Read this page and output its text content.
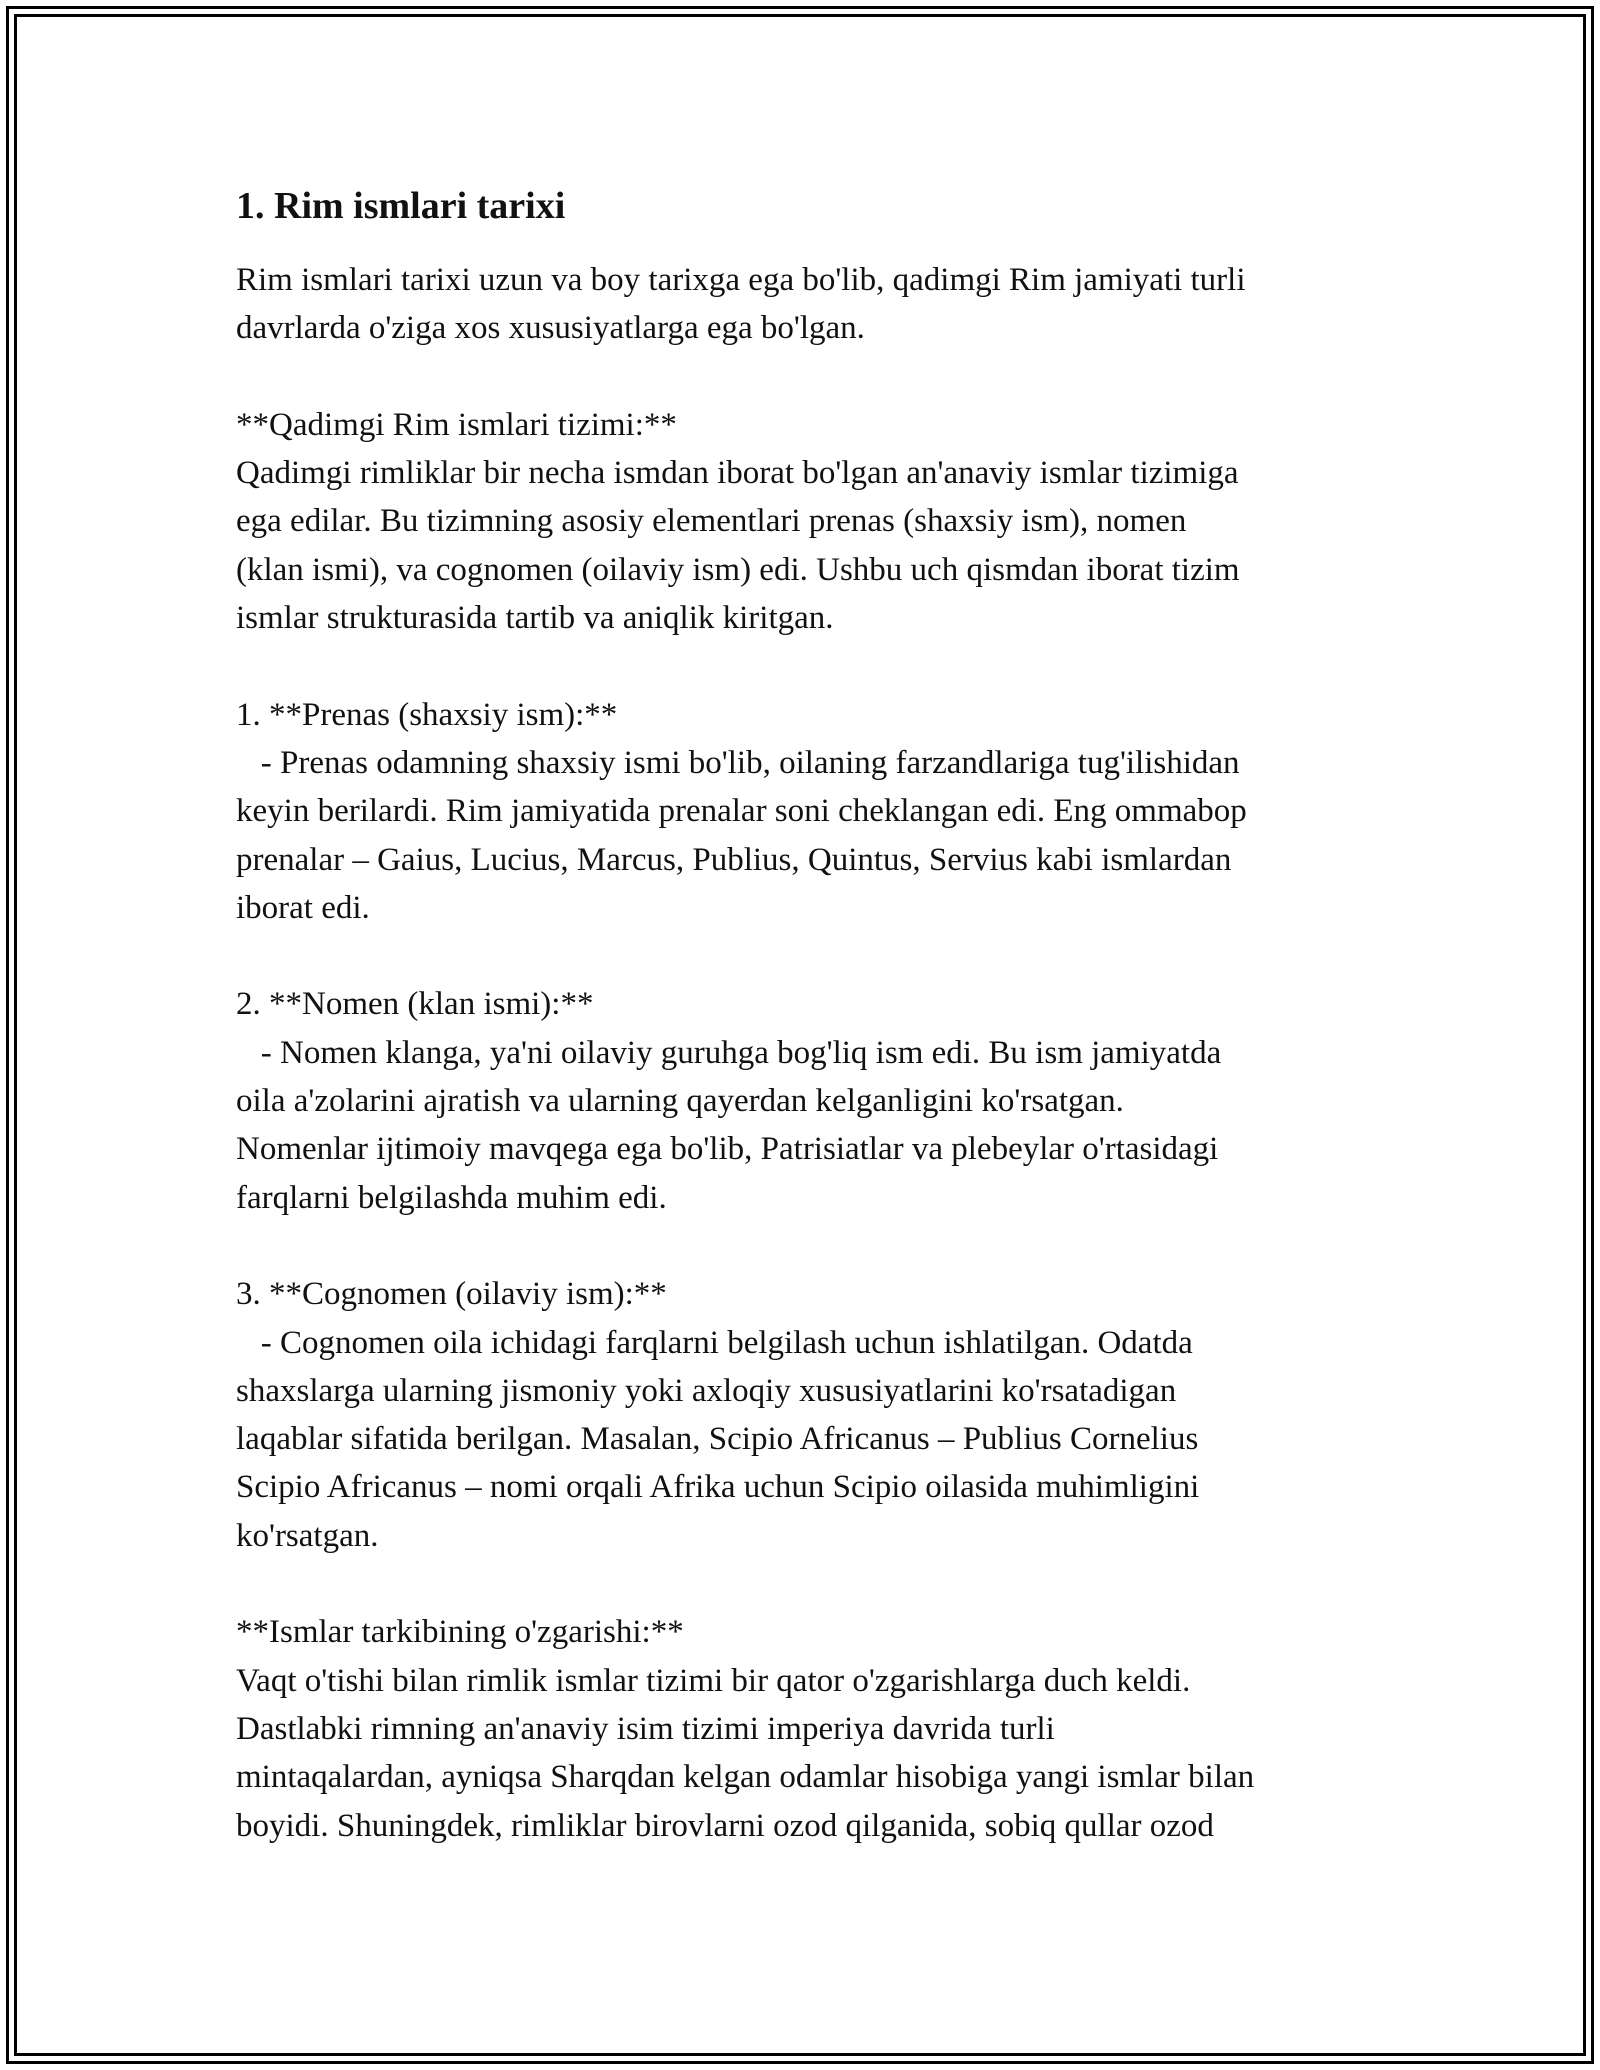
1. Rim ismlari tarixi
Rim ismlari tarixi uzun va boy tarixga ega bo'lib, qadimgi Rim jamiyati turli
davrlarda o'ziga xos xususiyatlarga ega bo'lgan.
**Qadimgi Rim ismlari tizimi:**
Qadimgi rimliklar bir necha ismdan iborat bo'lgan an'anaviy ismlar tizimiga
ega edilar. Bu tizimning asosiy elementlari prenas (shaxsiy ism), nomen
(klan ismi), va cognomen (oilaviy ism) edi. Ushbu uch qismdan iborat tizim
ismlar strukturasida tartib va aniqlik kiritgan.
1. **Prenas (shaxsiy ism):**
- Prenas odamning shaxsiy ismi bo'lib, oilaning farzandlariga tug'ilishidan
keyin berilardi. Rim jamiyatida prenalar soni cheklangan edi. Eng ommabop
prenalar – Gaius, Lucius, Marcus, Publius, Quintus, Servius kabi ismlardan
iborat edi.
2. **Nomen (klan ismi):**
- Nomen klanga, ya'ni oilaviy guruhga bog'liq ism edi. Bu ism jamiyatda
oila a'zolarini ajratish va ularning qayerdan kelganligini ko'rsatgan.
Nomenlar ijtimoiy mavqega ega bo'lib, Patrisiatlar va plebeylar o'rtasidagi
farqlarni belgilashda muhim edi.
3. **Cognomen (oilaviy ism):**
- Cognomen oila ichidagi farqlarni belgilash uchun ishlatilgan. Odatda
shaxslarga ularning jismoniy yoki axloqiy xususiyatlarini ko'rsatadigan
laqablar sifatida berilgan. Masalan, Scipio Africanus – Publius Cornelius
Scipio Africanus – nomi orqali Afrika uchun Scipio oilasida muhimligini
ko'rsatgan.
**Ismlar tarkibining o'zgarishi:**
Vaqt o'tishi bilan rimlik ismlar tizimi bir qator o'zgarishlarga duch keldi.
Dastlabki rimning an'anaviy isim tizimi imperiya davrida turli
mintaqalardan, ayniqsa Sharqdan kelgan odamlar hisobiga yangi ismlar bilan
boyidi. Shuningdek, rimliklar birovlarni ozod qilganida, sobiq qullar ozod
